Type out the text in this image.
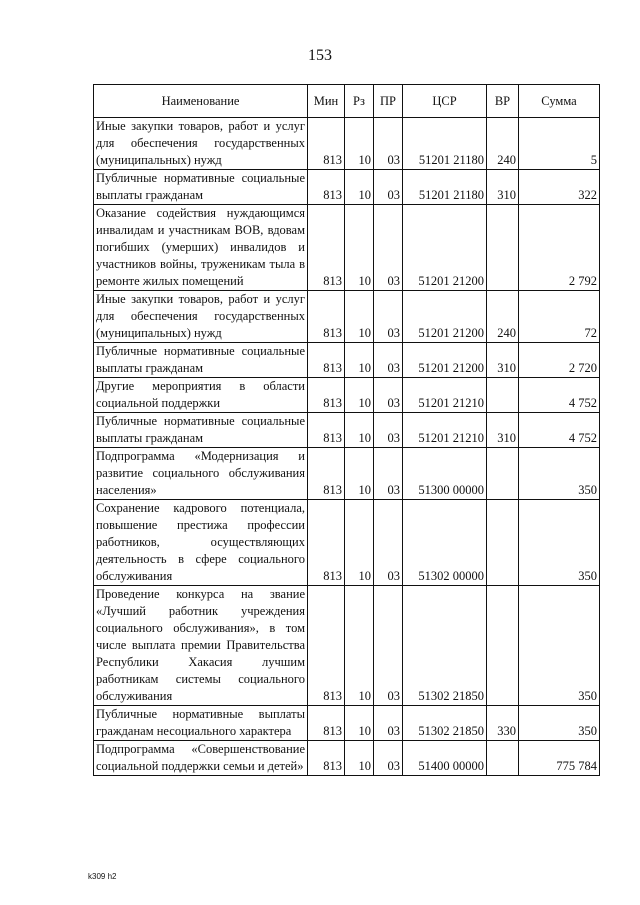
153
Наименование	Мин	Рз	ПР	ЦСР	ВР	Сумма
Иные закупки товаров, работ и услуг для обеспечения государственных (муниципальных) нужд	813	10	03	51201 21180	240	5
Публичные нормативные социальные выплаты гражданам	813	10	03	51201 21180	310	322
Оказание содействия нуждающимся инвалидам и участникам ВОВ, вдовам погибших (умерших) инвалидов и участников войны, труженикам тыла в ремонте жилых помещений	813	10	03	51201 21200		2 792
Иные закупки товаров, работ и услуг для обеспечения государственных (муниципальных) нужд	813	10	03	51201 21200	240	72
Публичные нормативные социальные выплаты гражданам	813	10	03	51201 21200	310	2 720
Другие мероприятия в области социальной поддержки	813	10	03	51201 21210		4 752
Публичные нормативные социальные выплаты гражданам	813	10	03	51201 21210	310	4 752
Подпрограмма «Модернизация и развитие социального обслуживания населения»	813	10	03	51300 00000		350
Сохранение кадрового потенциала, повышение престижа профессии работников, осуществляющих деятельность в сфере социального обслуживания	813	10	03	51302 00000		350
Проведение конкурса на звание «Лучший работник учреждения социального обслуживания», в том числе выплата премии Правительства Республики Хакасия лучшим работникам системы социального обслуживания	813	10	03	51302 21850		350
Публичные нормативные выплаты гражданам несоциального характера	813	10	03	51302 21850	330	350
Подпрограмма «Совершенствование социальной поддержки семьи и детей»	813	10	03	51400 00000		775 784
k309 h2
